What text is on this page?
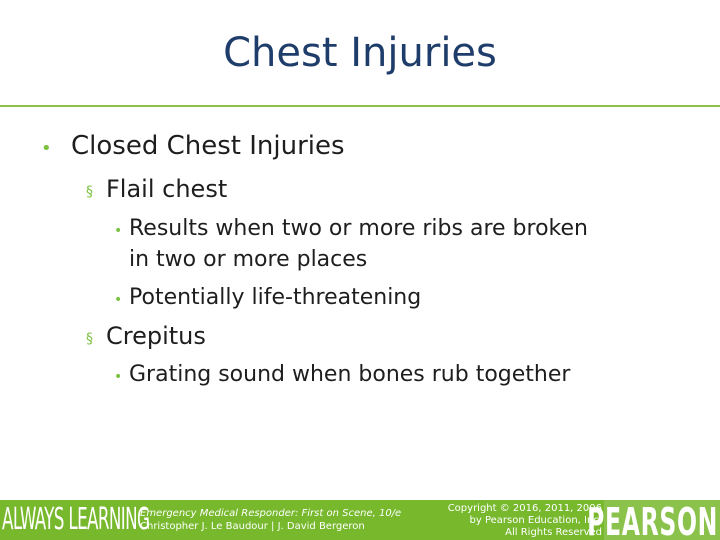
Chest Injuries
• Closed Chest Injuries
§ Flail chest
• Results when two or more ribs are broken
in two or more places
• Potentially life-threatening
§ Crepitus
• Grating sound when bones rub together
ALWAYS LEARNING
Emergency Medical Responder: First on Scene, 10/e
Christopher J. Le Baudour | J. David Bergeron
Copyright © 2016, 2011, 2006
by Pearson Education, Inc.
All Rights Reserved
PEARSON
